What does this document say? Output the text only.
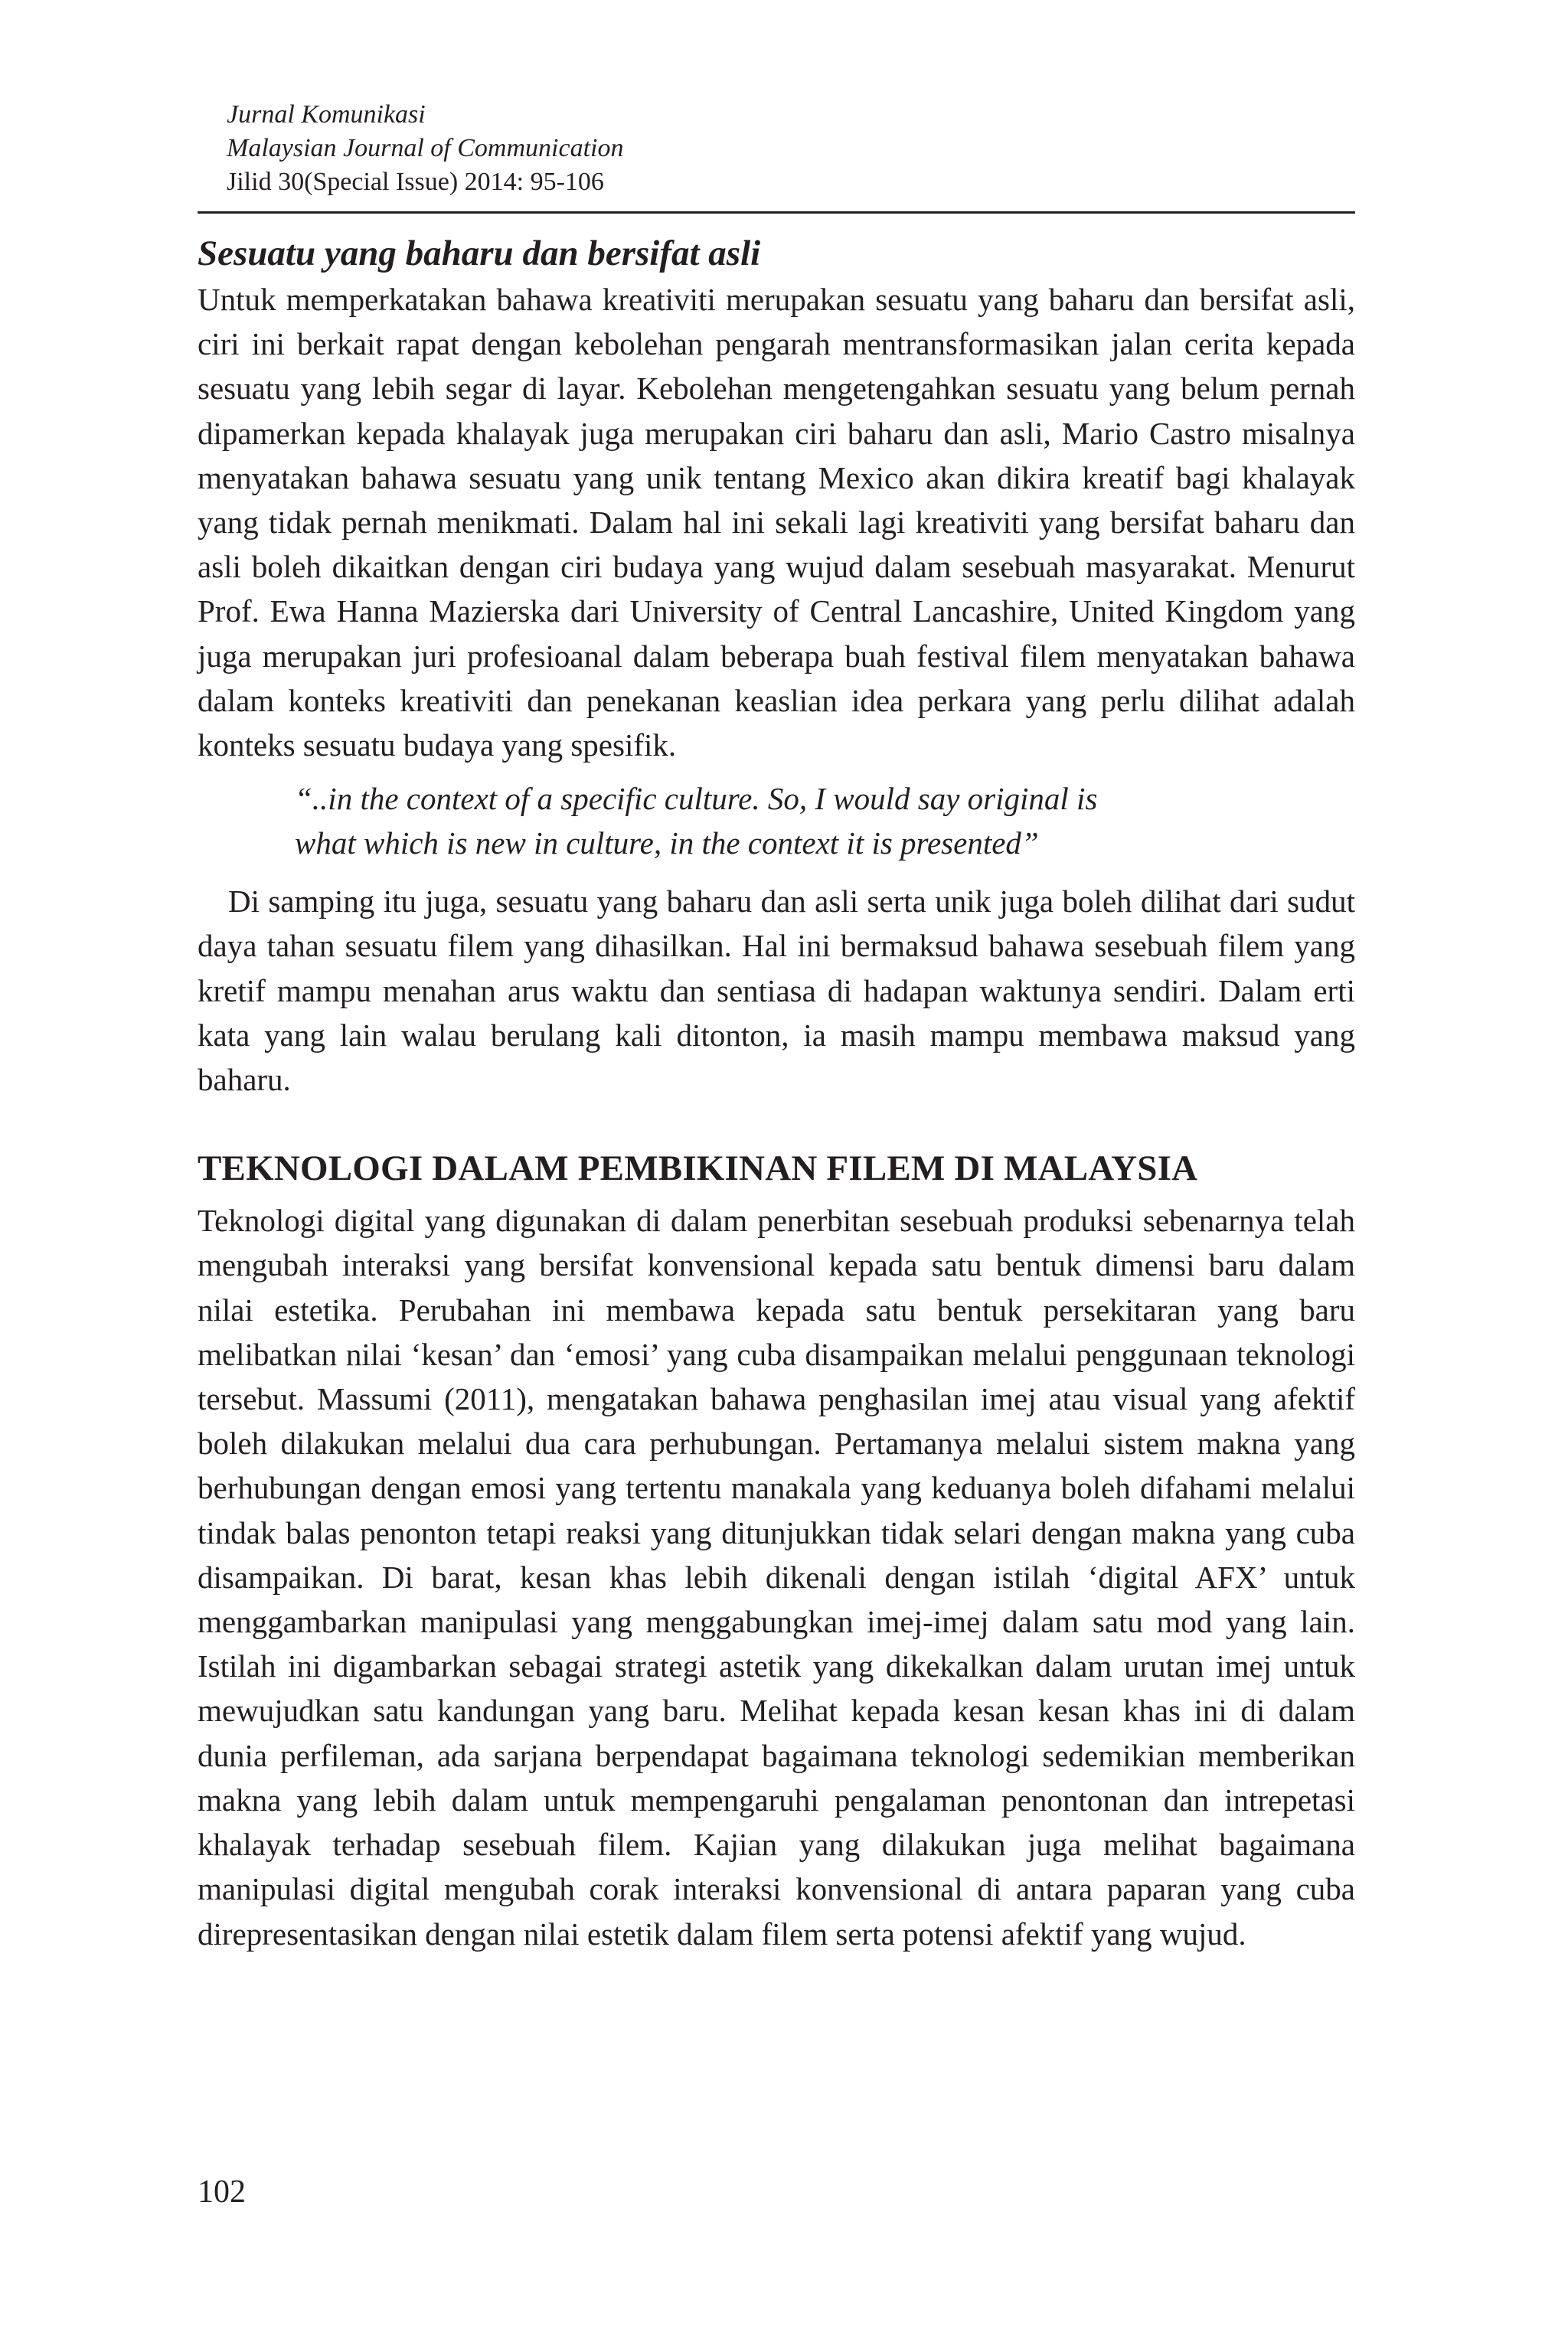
Jurnal Komunikasi
Malaysian Journal of Communication
Jilid 30(Special Issue) 2014: 95-106
Sesuatu yang baharu dan bersifat asli

Untuk memperkatakan bahawa kreativiti merupakan sesuatu yang baharu dan bersifat asli, ciri ini berkait rapat dengan kebolehan pengarah mentransformasikan jalan cerita kepada sesuatu yang lebih segar di layar. Kebolehan mengetengahkan sesuatu yang belum pernah dipamerkan kepada khalayak juga merupakan ciri baharu dan asli, Mario Castro misalnya menyatakan bahawa sesuatu yang unik tentang Mexico akan dikira kreatif bagi khalayak yang tidak pernah menikmati. Dalam hal ini sekali lagi kreativiti yang bersifat baharu dan asli boleh dikaitkan dengan ciri budaya yang wujud dalam sesebuah masyarakat. Menurut Prof. Ewa Hanna Mazierska dari University of Central Lancashire, United Kingdom yang juga merupakan juri profesioanal dalam beberapa buah festival filem menyatakan bahawa dalam konteks kreativiti dan penekanan keaslian idea perkara yang perlu dilihat adalah konteks sesuatu budaya yang spesifik.

“..in the context of a specific culture. So, I would say original is
what which is new in culture, in the context it is presented”

Di samping itu juga, sesuatu yang baharu dan asli serta unik juga boleh dilihat dari sudut daya tahan sesuatu filem yang dihasilkan. Hal ini bermaksud bahawa sesebuah filem yang kretif mampu menahan arus waktu dan sentiasa di hadapan waktunya sendiri. Dalam erti kata yang lain walau berulang kali ditonton, ia masih mampu membawa maksud yang baharu.

TEKNOLOGI DALAM PEMBIKINAN FILEM DI MALAYSIA

Teknologi digital yang digunakan di dalam penerbitan sesebuah produksi sebenarnya telah mengubah interaksi yang bersifat konvensional kepada satu bentuk dimensi baru dalam nilai estetika. Perubahan ini membawa kepada satu bentuk persekitaran yang baru melibatkan nilai ‘kesan’ dan ‘emosi’ yang cuba disampaikan melalui penggunaan teknologi tersebut. Massumi (2011), mengatakan bahawa penghasilan imej atau visual yang afektif boleh dilakukan melalui dua cara perhubungan. Pertamanya melalui sistem makna yang berhubungan dengan emosi yang tertentu manakala yang keduanya boleh difahami melalui tindak balas penonton tetapi reaksi yang ditunjukkan tidak selari dengan makna yang cuba disampaikan. Di barat, kesan khas lebih dikenali dengan istilah ‘digital AFX’ untuk menggambarkan manipulasi yang menggabungkan imej-imej dalam satu mod yang lain. Istilah ini digambarkan sebagai strategi astetik yang dikekalkan dalam urutan imej untuk mewujudkan satu kandungan yang baru. Melihat kepada kesan kesan khas ini di dalam dunia perfileman, ada sarjana berpendapat bagaimana teknologi sedemikian memberikan makna yang lebih dalam untuk mempengaruhi pengalaman penontonan dan intrepetasi khalayak terhadap sesebuah filem. Kajian yang dilakukan juga melihat bagaimana manipulasi digital mengubah corak interaksi konvensional di antara paparan yang cuba direpresentasikan dengan nilai estetik dalam filem serta potensi afektif yang wujud.

102
